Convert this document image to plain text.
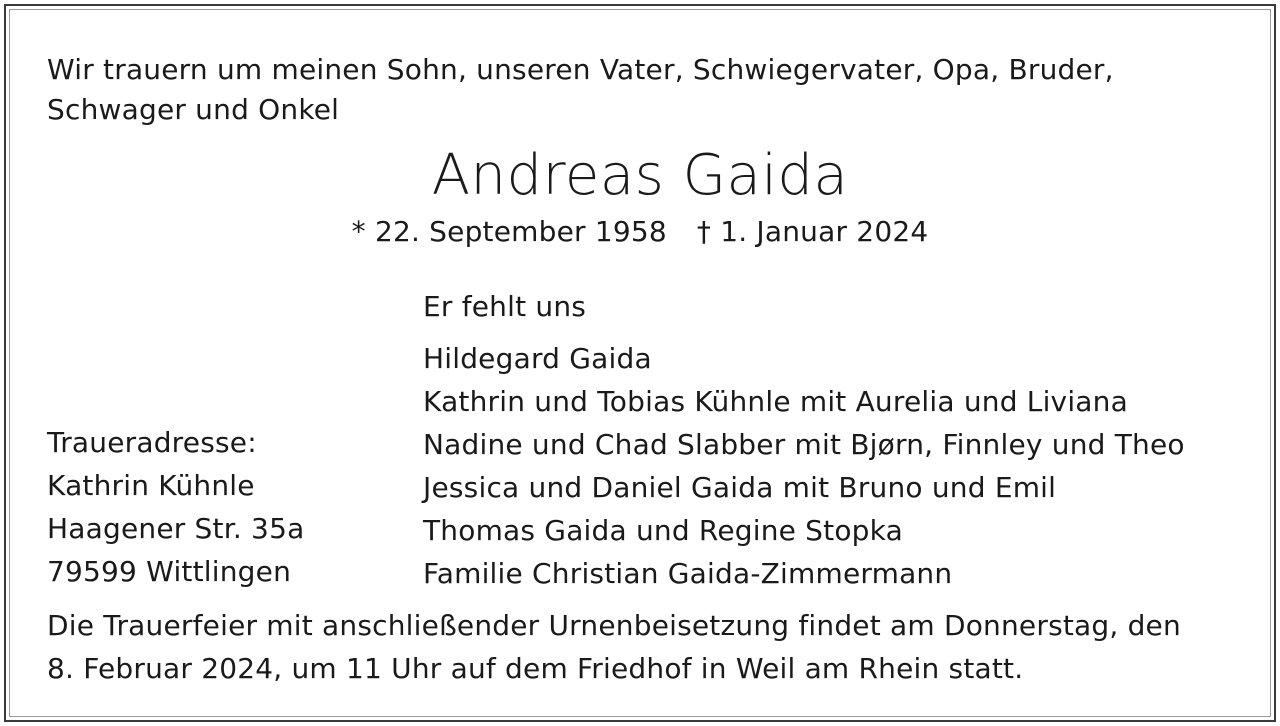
Wir trauern um meinen Sohn, unseren Vater, Schwiegervater, Opa, Bruder,
Schwager und Onkel
Andreas Gaida
* 22. September 1958 † 1. Januar 2024
Er fehlt uns
Hildegard Gaida
Kathrin und Tobias Kühnle mit Aurelia und Liviana
Nadine und Chad Slabber mit Bjørn, Finnley und Theo
Jessica und Daniel Gaida mit Bruno und Emil
Thomas Gaida und Regine Stopka
Familie Christian Gaida-Zimmermann
Traueradresse:
Kathrin Kühnle
Haagener Str. 35a
79599 Wittlingen
Die Trauerfeier mit anschließender Urnenbeisetzung findet am Donnerstag, den
8. Februar 2024, um 11 Uhr auf dem Friedhof in Weil am Rhein statt.
